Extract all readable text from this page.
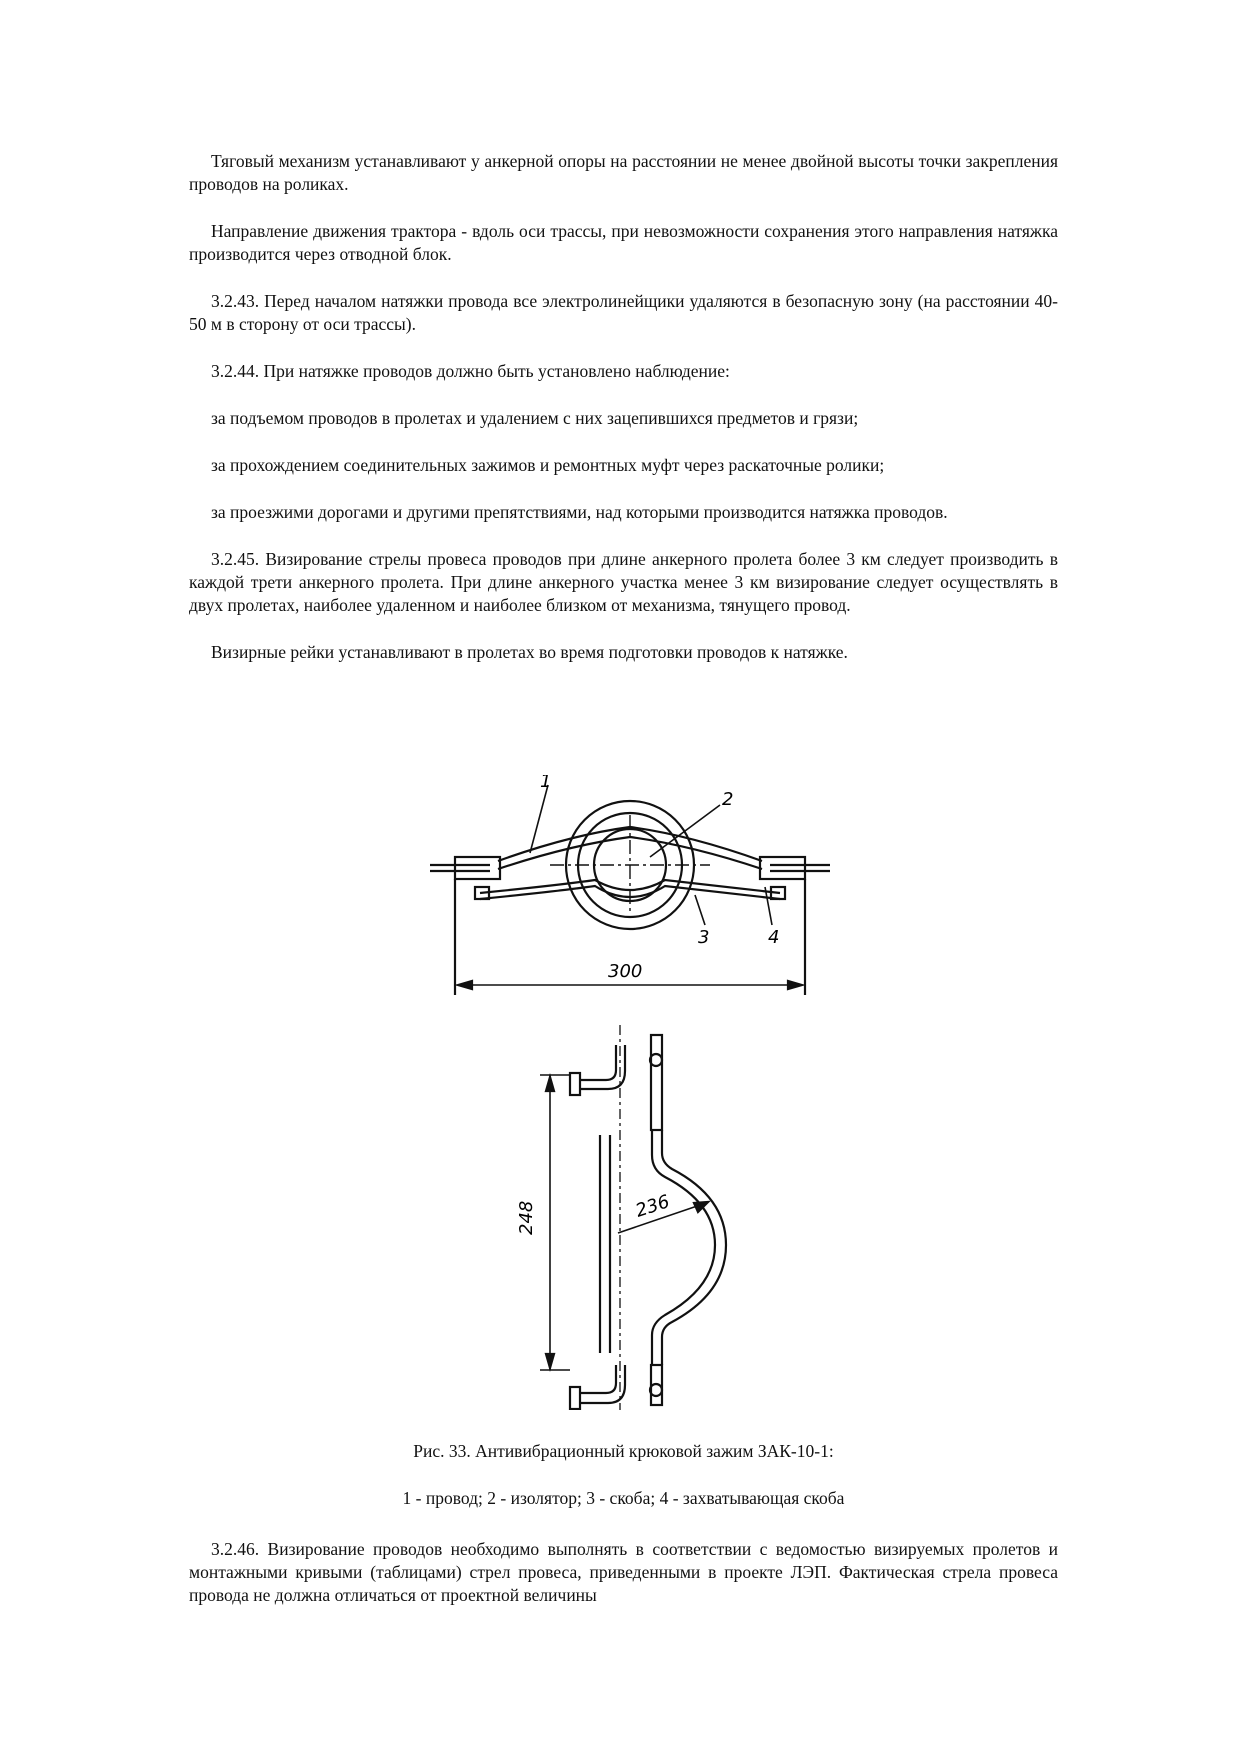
Тяговый механизм устанавливают у анкерной опоры на расстоянии не менее двойной высоты точки закрепления проводов на роликах.

Направление движения трактора - вдоль оси трассы, при невозможности сохранения этого направления натяжка производится через отводной блок.

3.2.43. Перед началом натяжки провода все электролинейщики удаляются в безопасную зону (на расстоянии 40-50 м в сторону от оси трассы).

3.2.44. При натяжке проводов должно быть установлено наблюдение:

за подъемом проводов в пролетах и удалением с них зацепившихся предметов и грязи;

за прохождением соединительных зажимов и ремонтных муфт через раскаточные ролики;

за проезжими дорогами и другими препятствиями, над которыми производится натяжка проводов.

3.2.45. Визирование стрелы провеса проводов при длине анкерного пролета более 3 км следует производить в каждой трети анкерного пролета. При длине анкерного участка менее 3 км визирование следует осуществлять в двух пролетах, наиболее удаленном и наиболее близком от механизма, тянущего провод.

Визирные рейки устанавливают в пролетах во время подготовки проводов к натяжке.

1
2
3	4
300
248	236

Рис. 33. Антивибрационный крюковой зажим ЗАК-10-1:

1 - провод; 2 - изолятор; 3 - скоба; 4 - захватывающая скоба

3.2.46. Визирование проводов необходимо выполнять в соответствии с ведомостью визируемых пролетов и монтажными кривыми (таблицами) стрел провеса, приведенными в проекте ЛЭП. Фактическая стрела провеса провода не должна отличаться от проектной величины
